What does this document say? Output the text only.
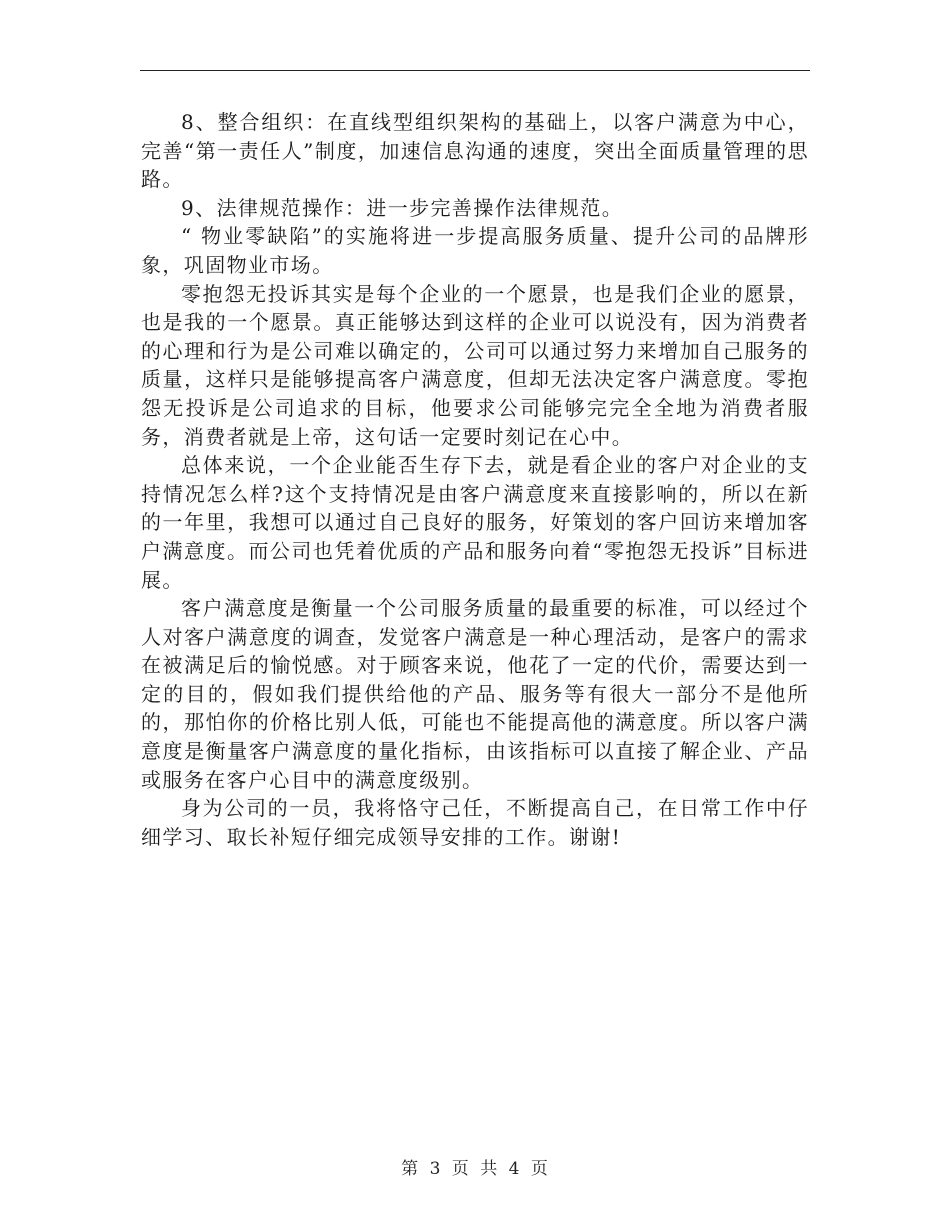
8、整合组织：在直线型组织架构的基础上，以客户满意为中心，完善“第一责任人”制度，加速信息沟通的速度，突出全面质量管理的思路。

9、法律规范操作：进一步完善操作法律规范。

“ 物业零缺陷”的实施将进一步提高服务质量、提升公司的品牌形象，巩固物业市场。

零抱怨无投诉其实是每个企业的一个愿景，也是我们企业的愿景，也是我的一个愿景。真正能够达到这样的企业可以说没有，因为消费者的心理和行为是公司难以确定的，公司可以通过努力来增加自己服务的质量，这样只是能够提高客户满意度，但却无法决定客户满意度。零抱怨无投诉是公司追求的目标，他要求公司能够完完全全地为消费者服务，消费者就是上帝，这句话一定要时刻记在心中。

总体来说，一个企业能否生存下去，就是看企业的客户对企业的支持情况怎么样?这个支持情况是由客户满意度来直接影响的，所以在新的一年里，我想可以通过自己良好的服务，好策划的客户回访来增加客户满意度。而公司也凭着优质的产品和服务向着“零抱怨无投诉”目标进展。

客户满意度是衡量一个公司服务质量的最重要的标准，可以经过个人对客户满意度的调查，发觉客户满意是一种心理活动，是客户的需求在被满足后的愉悦感。对于顾客来说，他花了一定的代价，需要达到一定的目的，假如我们提供给他的产品、服务等有很大一部分不是他所的，那怕你的价格比别人低，可能也不能提高他的满意度。所以客户满意度是衡量客户满意度的量化指标，由该指标可以直接了解企业、产品或服务在客户心目中的满意度级别。

身为公司的一员，我将恪守己任，不断提高自己，在日常工作中仔细学习、取长补短仔细完成领导安排的工作。谢谢!

第 3 页 共 4 页
